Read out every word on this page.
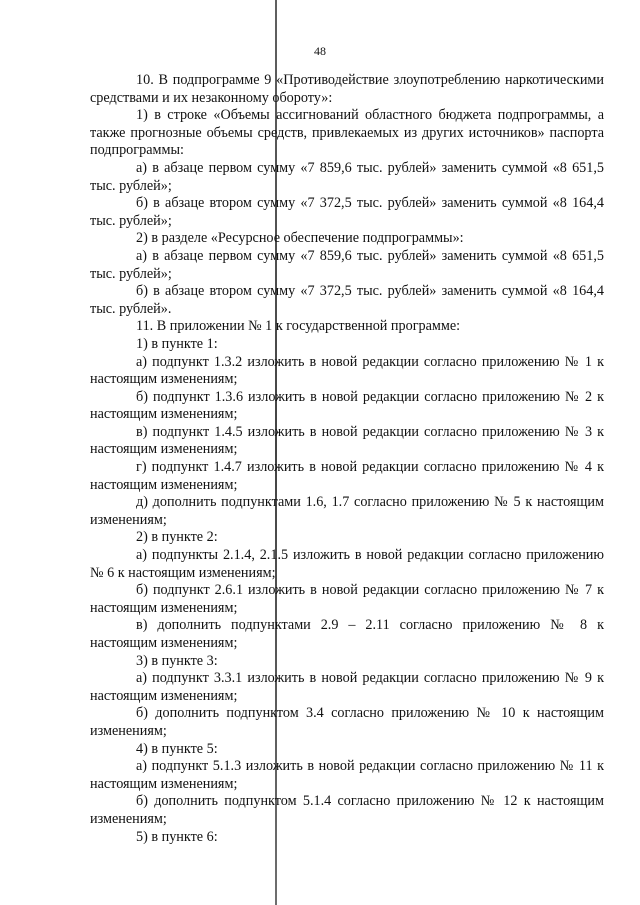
48

10. В подпрограмме 9 «Противодействие злоупотреблению наркотическими средствами и их незаконному обороту»:

1) в строке «Объемы ассигнований областного бюджета подпрограммы, а также прогнозные объемы средств, привлекаемых из других источников» паспорта подпрограммы:

а) в абзаце первом сумму «7 859,6 тыс. рублей» заменить суммой «8 651,5 тыс. рублей»;

б) в абзаце втором сумму «7 372,5 тыс. рублей» заменить суммой «8 164,4 тыс. рублей»;

2) в разделе «Ресурсное обеспечение подпрограммы»:

а) в абзаце первом сумму «7 859,6 тыс. рублей» заменить суммой «8 651,5 тыс. рублей»;

б) в абзаце втором сумму «7 372,5 тыс. рублей» заменить суммой «8 164,4 тыс. рублей».

11. В приложении № 1 к государственной программе:

1) в пункте 1:

а) подпункт 1.3.2 изложить в новой редакции согласно приложению № 1 к настоящим изменениям;

б) подпункт 1.3.6 изложить в новой редакции согласно приложению № 2 к настоящим изменениям;

в) подпункт 1.4.5 изложить в новой редакции согласно приложению № 3 к настоящим изменениям;

г) подпункт 1.4.7 изложить в новой редакции согласно приложению № 4 к настоящим изменениям;

д) дополнить подпунктами 1.6, 1.7 согласно приложению № 5 к настоящим изменениям;

2) в пункте 2:

а) подпункты 2.1.4, 2.1.5 изложить в новой редакции согласно приложению № 6 к настоящим изменениям;

б) подпункт 2.6.1 изложить в новой редакции согласно приложению № 7 к настоящим изменениям;

в) дополнить подпунктами 2.9 – 2.11 согласно приложению № 8 к настоящим изменениям;

3) в пункте 3:

а) подпункт 3.3.1 изложить в новой редакции согласно приложению № 9 к настоящим изменениям;

б) дополнить подпунктом 3.4 согласно приложению № 10 к настоящим изменениям;

4) в пункте 5:

а) подпункт 5.1.3 изложить в новой редакции согласно приложению № 11 к настоящим изменениям;

б) дополнить подпунктом 5.1.4 согласно приложению № 12 к настоящим изменениям;

5) в пункте 6:
